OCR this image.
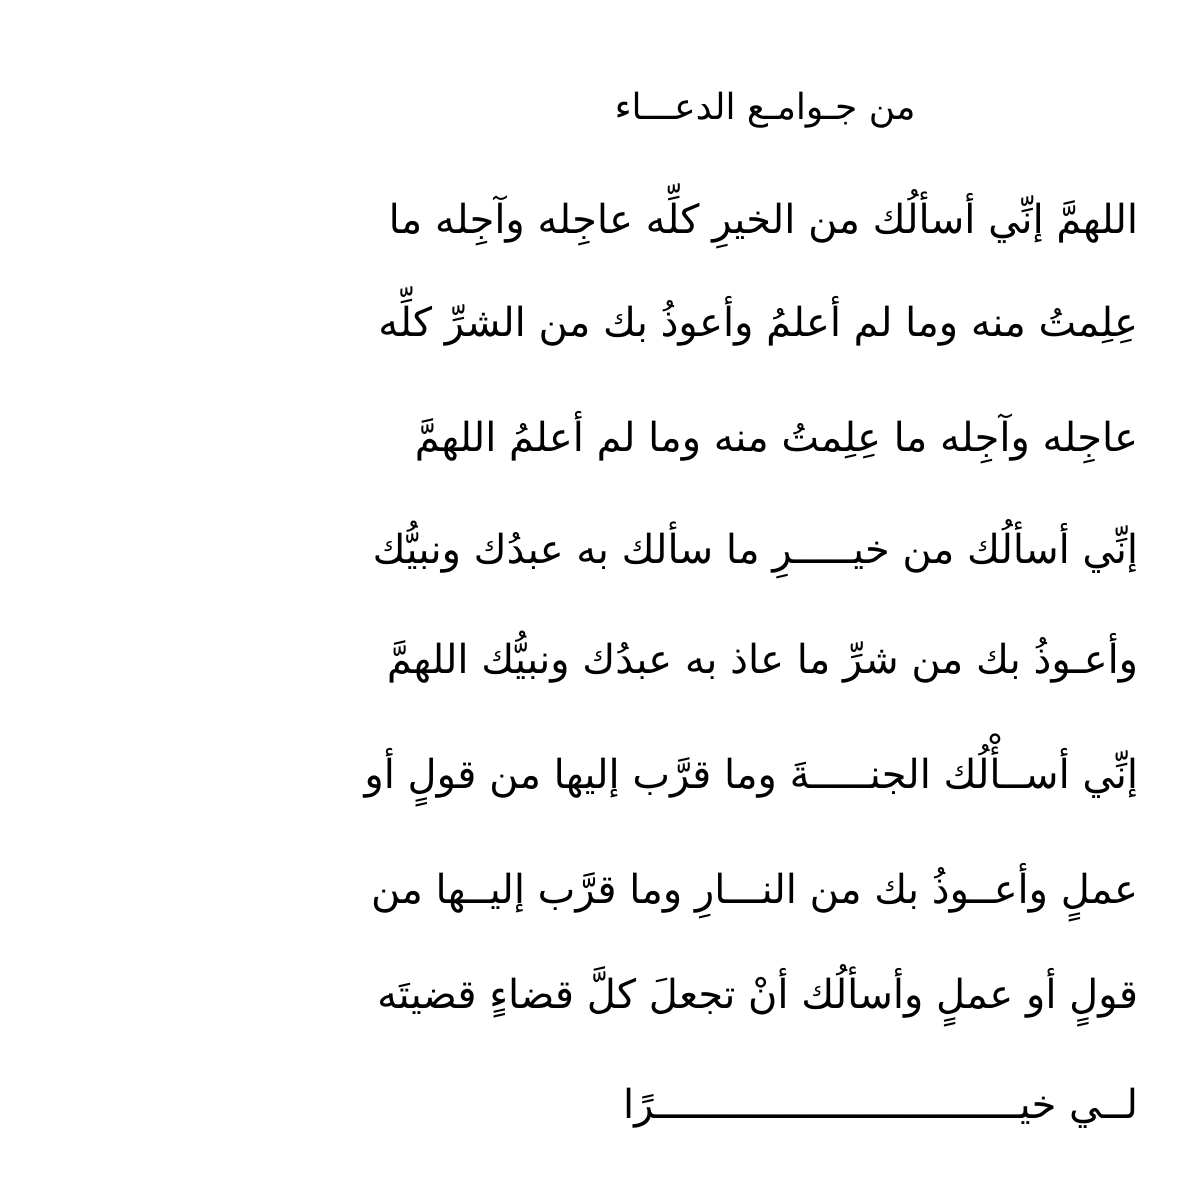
من جـوامـع الدعـــاء
اللهمَّ إنِّي أسألُك من الخيرِ كلِّه عاجِله وآجِله ما
عِلِمتُ منه وما لم أعلمُ وأعوذُ بك من الشرِّ كلِّه
عاجِله وآجِله ما عِلِمتُ منه وما لم أعلمُ اللهمَّ
إنِّي أسألُك من خيـــــرِ ما سألك به عبدُك ونبيُّك
وأعـوذُ بك من شرِّ ما عاذ به عبدُك ونبيُّك اللهمَّ
إنِّي أســأْلُك الجنـــــةَ وما قرَّب إليها من قولٍ أو
عملٍ وأعــوذُ بك من النـــارِ وما قرَّب إليــها من
قولٍ أو عملٍ وأسألُك أنْ تجعلَ كلَّ قضاءٍ قضيتَه
لــي خيـــــــــــــــــــــــــــــــرًا
